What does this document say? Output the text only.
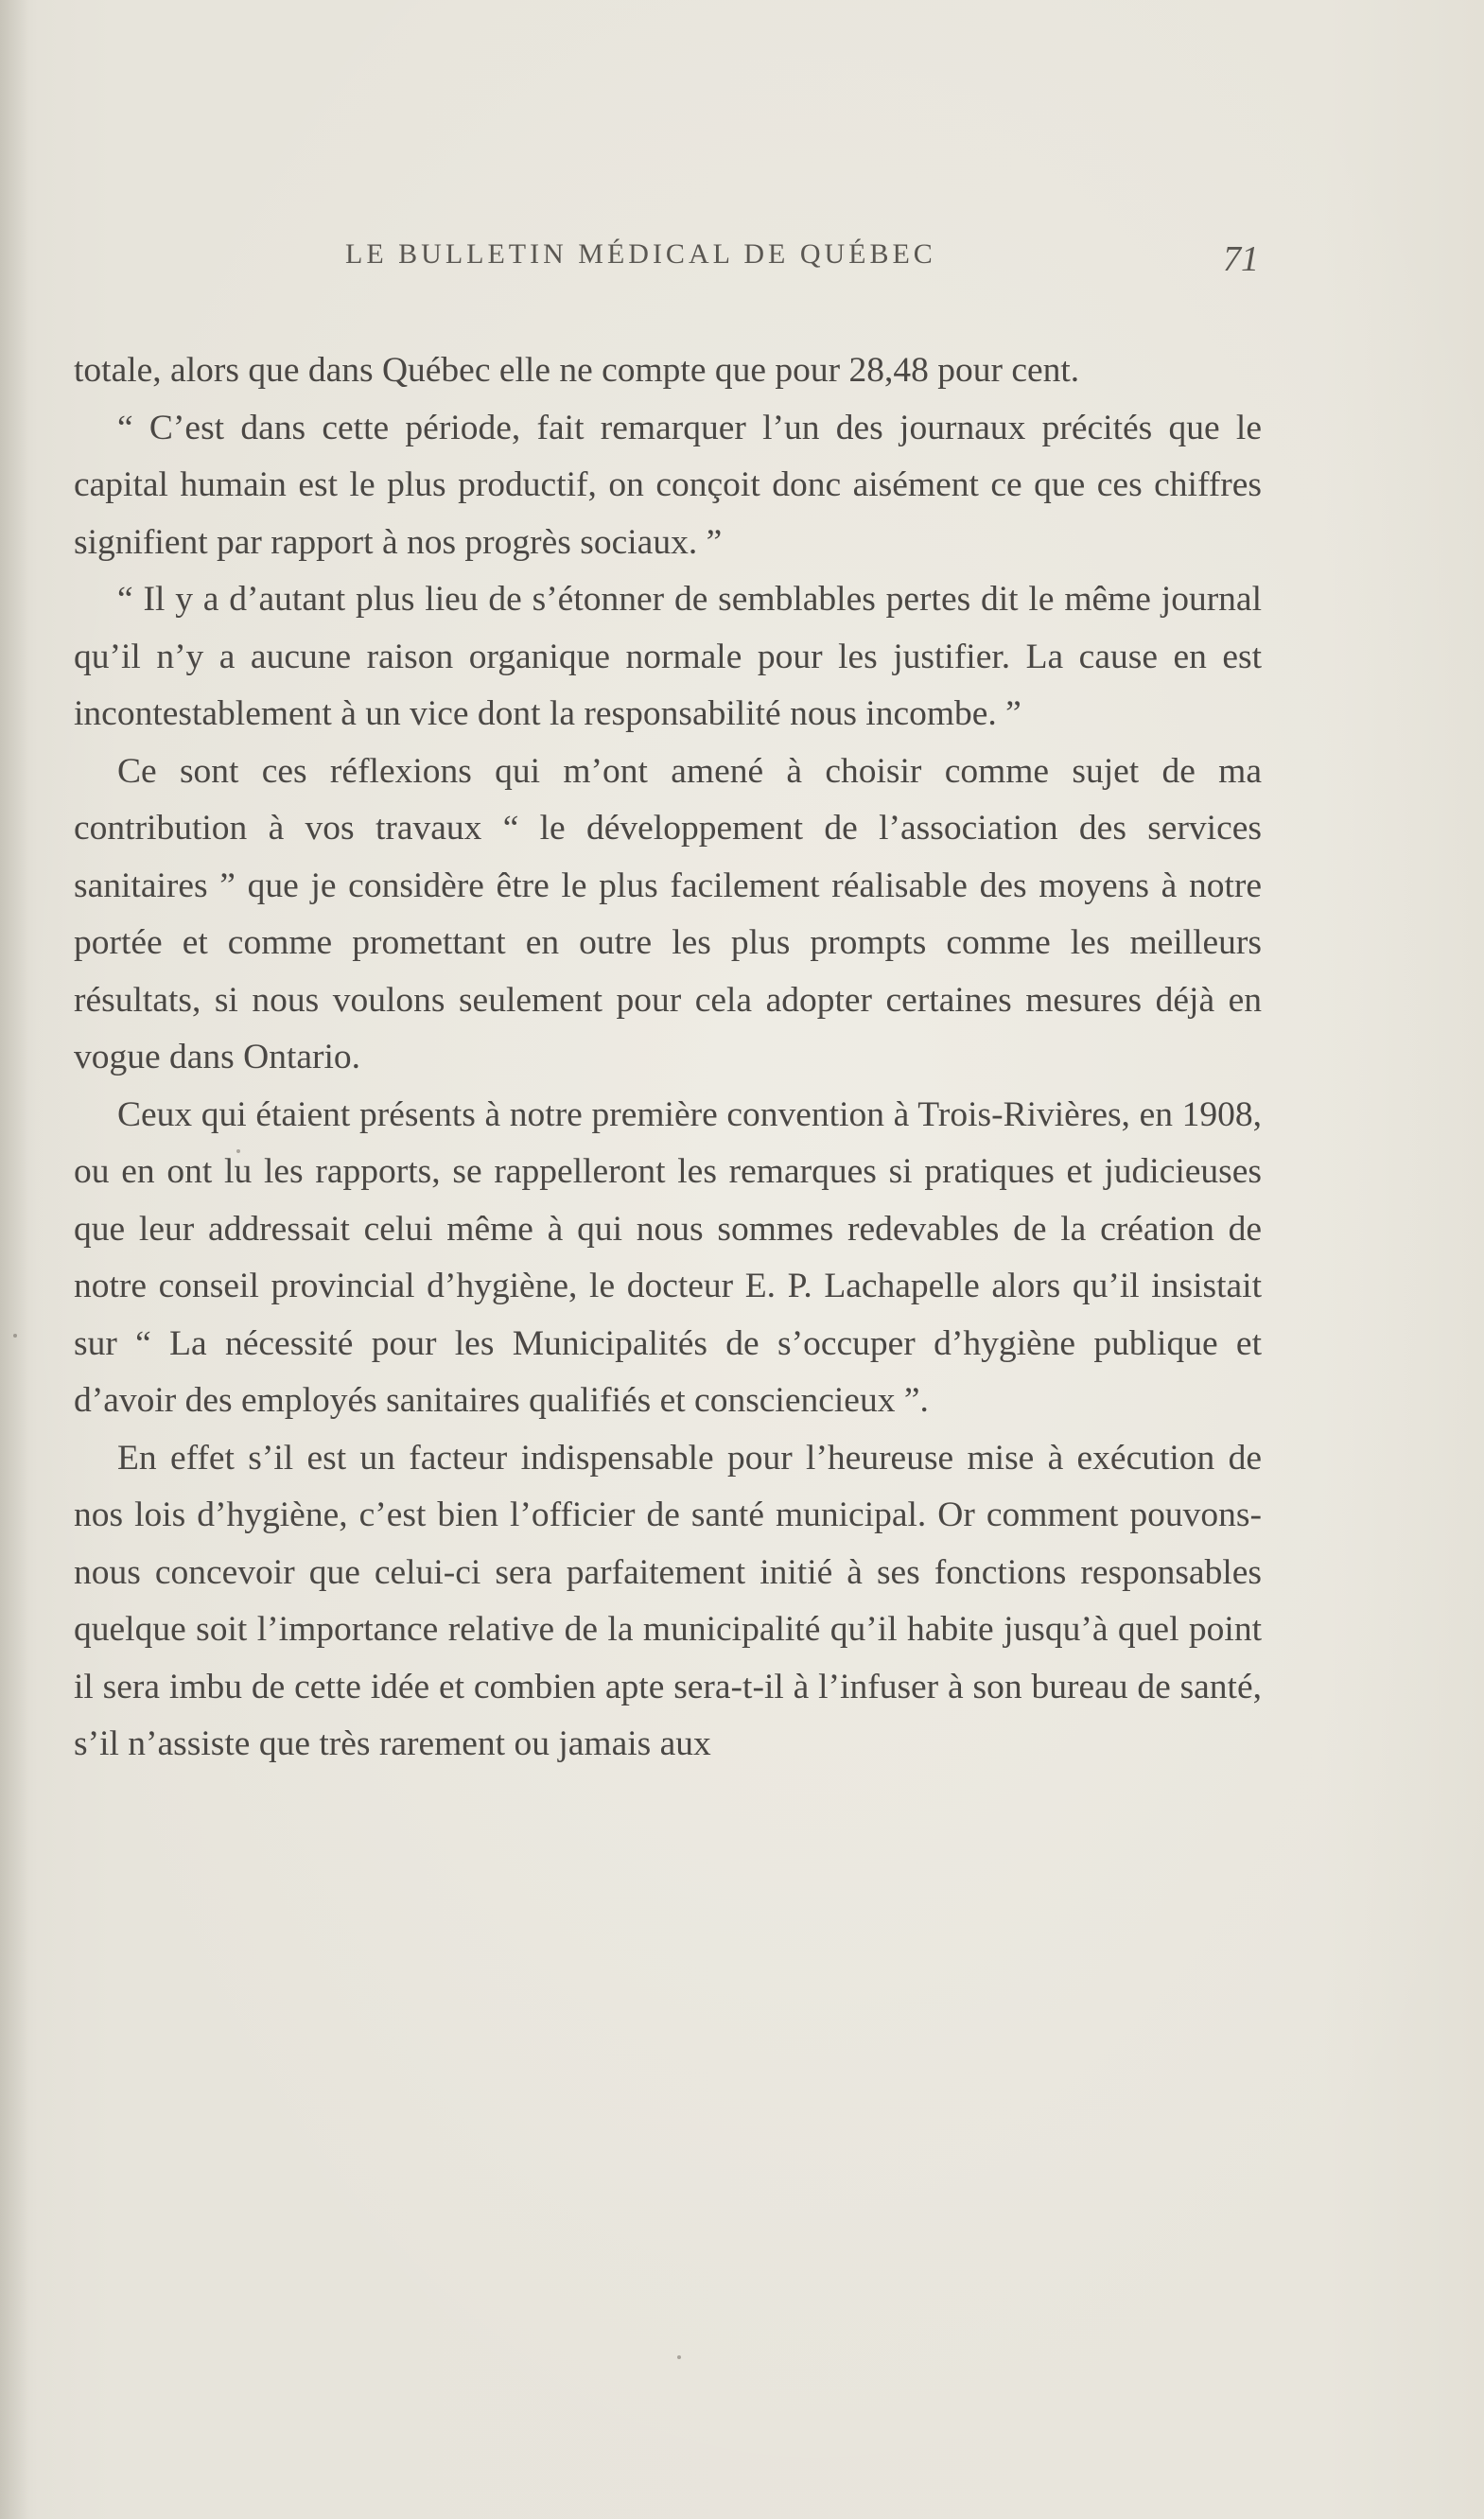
LE BULLETIN MÉDICAL DE QUÉBEC	71

totale, alors que dans Québec elle ne compte que pour 28,48 pour cent.

“ C’est dans cette période, fait remarquer l’un des journaux précités que le capital humain est le plus productif, on conçoit donc aisément ce que ces chiffres signifient par rapport à nos progrès sociaux. ”

“ Il y a d’autant plus lieu de s’étonner de semblables pertes dit le même journal qu’il n’y a aucune raison organique normale pour les justifier. La cause en est incontestablement à un vice dont la responsabilité nous incombe. ”

Ce sont ces réflexions qui m’ont amené à choisir comme sujet de ma contribution à vos travaux “ le développement de l’association des services sanitaires ” que je considère être le plus facilement réalisable des moyens à notre portée et comme promettant en outre les plus prompts comme les meilleurs résultats, si nous voulons seulement pour cela adopter certaines mesures déjà en vogue dans Ontario.

Ceux qui étaient présents à notre première convention à Trois-Rivières, en 1908, ou en ont lu les rapports, se rappelleront les remarques si pratiques et judicieuses que leur addressait celui même à qui nous sommes redevables de la création de notre conseil provincial d’hygiène, le docteur E. P. Lachapelle alors qu’il insistait sur “ La nécessité pour les Municipalités de s’occuper d’hygiène publique et d’avoir des employés sanitaires qualifiés et consciencieux ”.

En effet s’il est un facteur indispensable pour l’heureuse mise à exécution de nos lois d’hygiène, c’est bien l’officier de santé municipal. Or comment pouvons-nous concevoir que celui-ci sera parfaitement initié à ses fonctions responsables quelque soit l’importance relative de la municipalité qu’il habite jusqu’à quel point il sera imbu de cette idée et combien apte sera-t-il à l’infuser à son bureau de santé, s’il n’assiste que très rarement ou jamais aux
